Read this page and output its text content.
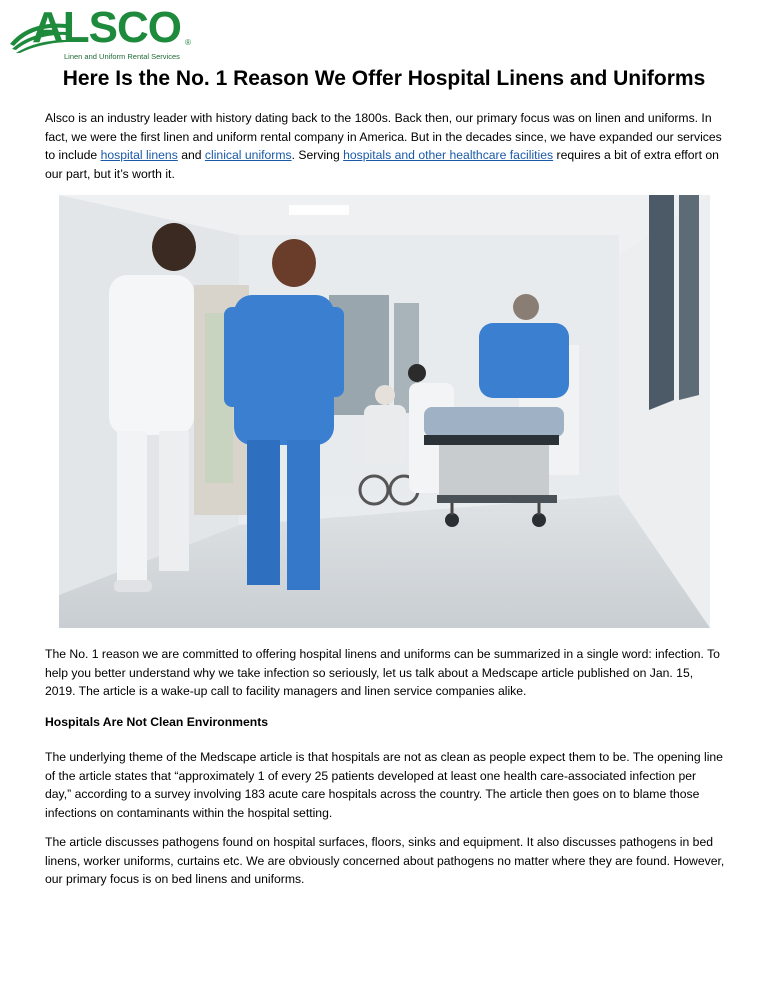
ALSCO ®
Linen and Uniform Rental Services
Here Is the No. 1 Reason We Offer Hospital Linens and Uniforms

Alsco is an industry leader with history dating back to the 1800s. Back then, our primary focus was on linen and uniforms. In fact, we were the first linen and uniform rental company in America. But in the decades since, we have expanded our services to include hospital linens and clinical uniforms. Serving hospitals and other healthcare facilities requires a bit of extra effort on our part, but it’s worth it.

The No. 1 reason we are committed to offering hospital linens and uniforms can be summarized in a single word: infection. To help you better understand why we take infection so seriously, let us talk about a Medscape article published on Jan. 15, 2019. The article is a wake-up call to facility managers and linen service companies alike.

Hospitals Are Not Clean Environments

The underlying theme of the Medscape article is that hospitals are not as clean as people expect them to be. The opening line of the article states that “approximately 1 of every 25 patients developed at least one health care-associated infection per day,” according to a survey involving 183 acute care hospitals across the country. The article then goes on to blame those infections on contaminants within the hospital setting.

The article discusses pathogens found on hospital surfaces, floors, sinks and equipment. It also discusses pathogens in bed linens, worker uniforms, curtains etc. We are obviously concerned about pathogens no matter where they are found. However, our primary focus is on bed linens and uniforms.
